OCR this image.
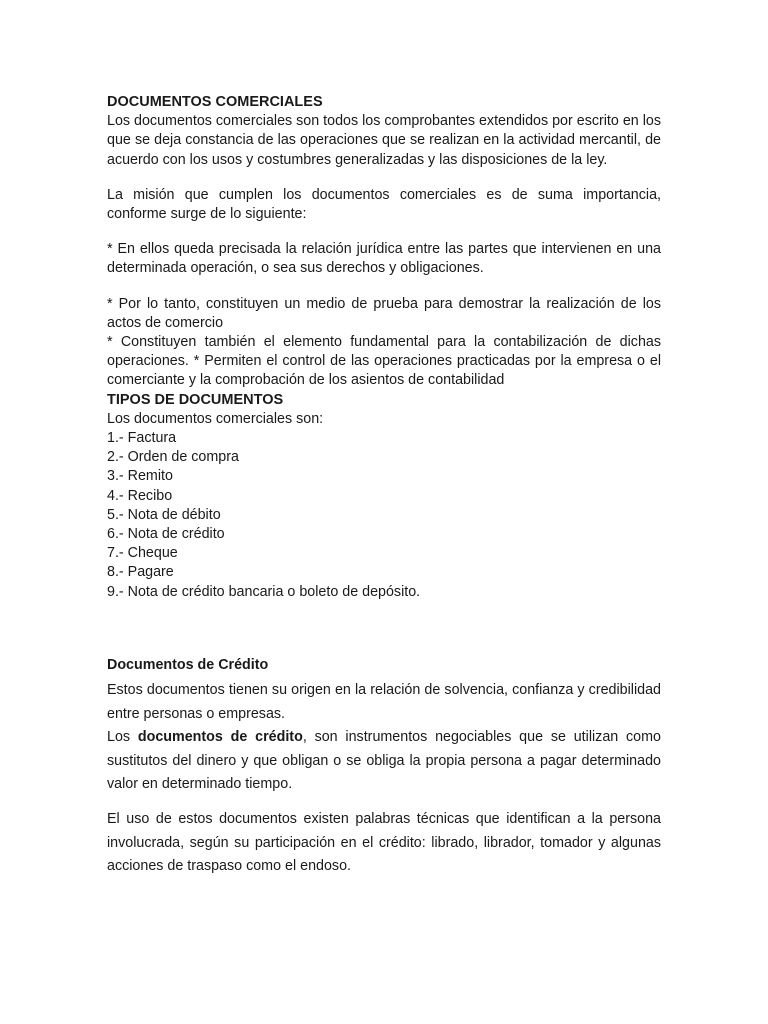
DOCUMENTOS COMERCIALES

Los documentos comerciales son todos los comprobantes extendidos por escrito en los que se deja constancia de las operaciones que se realizan en la actividad mercantil, de acuerdo con los usos y costumbres generalizadas y las disposiciones de la ley.

La misión que cumplen los documentos comerciales es de suma importancia, conforme surge de lo siguiente:

* En ellos queda precisada la relación jurídica entre las partes que intervienen en una determinada operación, o sea sus derechos y obligaciones.

* Por lo tanto, constituyen un medio de prueba para demostrar la realización de los actos de comercio

* Constituyen también el elemento fundamental para la contabilización de dichas operaciones. * Permiten el control de las operaciones practicadas por la empresa o el comerciante y la comprobación de los asientos de contabilidad

TIPOS DE DOCUMENTOS

Los documentos comerciales son:

1.- Factura
2.- Orden de compra
3.- Remito
4.- Recibo
5.- Nota de débito
6.- Nota de crédito
7.- Cheque
8.- Pagare
9.- Nota de crédito bancaria o boleto de depósito.

Documentos de Crédito

Estos documentos tienen su origen en la relación de solvencia, confianza y credibilidad entre personas o empresas.

Los documentos de crédito, son instrumentos negociables que se utilizan como sustitutos del dinero y que obligan o se obliga la propia persona a pagar determinado valor en determinado tiempo.

El uso de estos documentos existen palabras técnicas que identifican a la persona involucrada, según su participación en el crédito: librado, librador, tomador y algunas acciones de traspaso como el endoso.
